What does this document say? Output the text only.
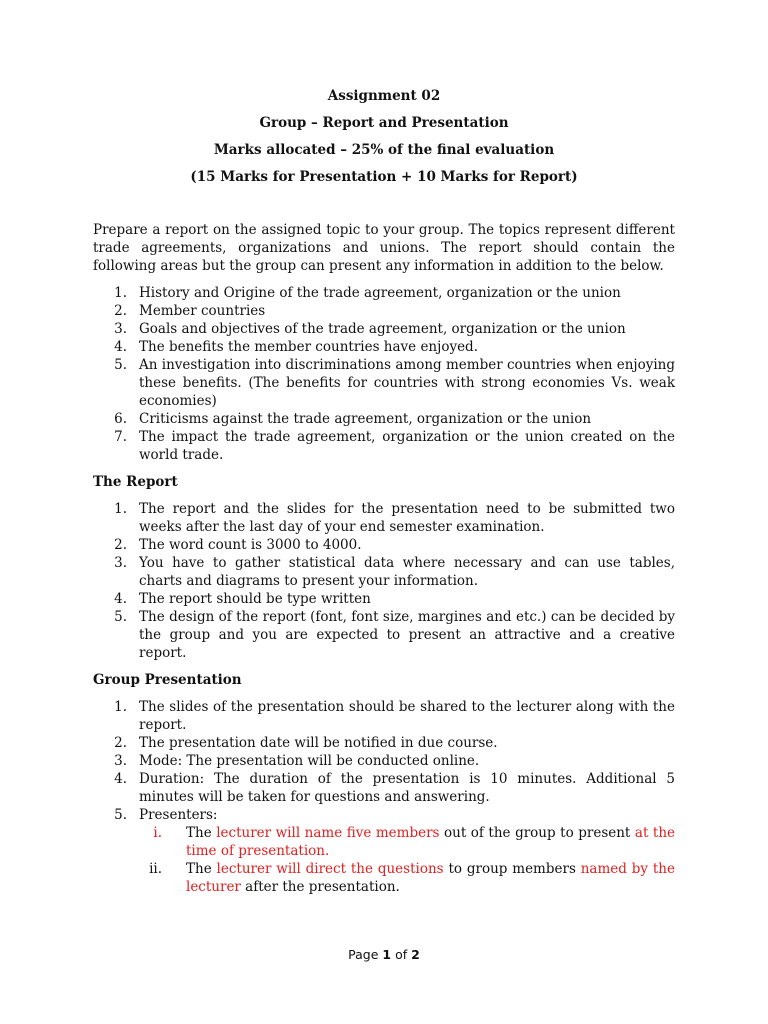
Assignment 02
Group – Report and Presentation
Marks allocated – 25% of the final evaluation
(15 Marks for Presentation + 10 Marks for Report)

Prepare a report on the assigned topic to your group. The topics represent different trade agreements, organizations and unions. The report should contain the following areas but the group can present any information in addition to the below.

1. History and Origine of the trade agreement, organization or the union
2. Member countries
3. Goals and objectives of the trade agreement, organization or the union
4. The benefits the member countries have enjoyed.
5. An investigation into discriminations among member countries when enjoying these benefits. (The benefits for countries with strong economies Vs. weak economies)
6. Criticisms against the trade agreement, organization or the union
7. The impact the trade agreement, organization or the union created on the world trade.
The Report
1. The report and the slides for the presentation need to be submitted two weeks after the last day of your end semester examination.
2. The word count is 3000 to 4000.
3. You have to gather statistical data where necessary and can use tables, charts and diagrams to present your information.
4. The report should be type written
5. The design of the report (font, font size, margines and etc.) can be decided by the group and you are expected to present an attractive and a creative report.
Group Presentation
1. The slides of the presentation should be shared to the lecturer along with the report.
2. The presentation date will be notified in due course.
3. Mode: The presentation will be conducted online.
4. Duration: The duration of the presentation is 10 minutes. Additional 5 minutes will be taken for questions and answering.
5. Presenters:
i. The lecturer will name five members out of the group to present at the time of presentation.
ii. The lecturer will direct the questions to group members named by the lecturer after the presentation.
Page 1 of 2
